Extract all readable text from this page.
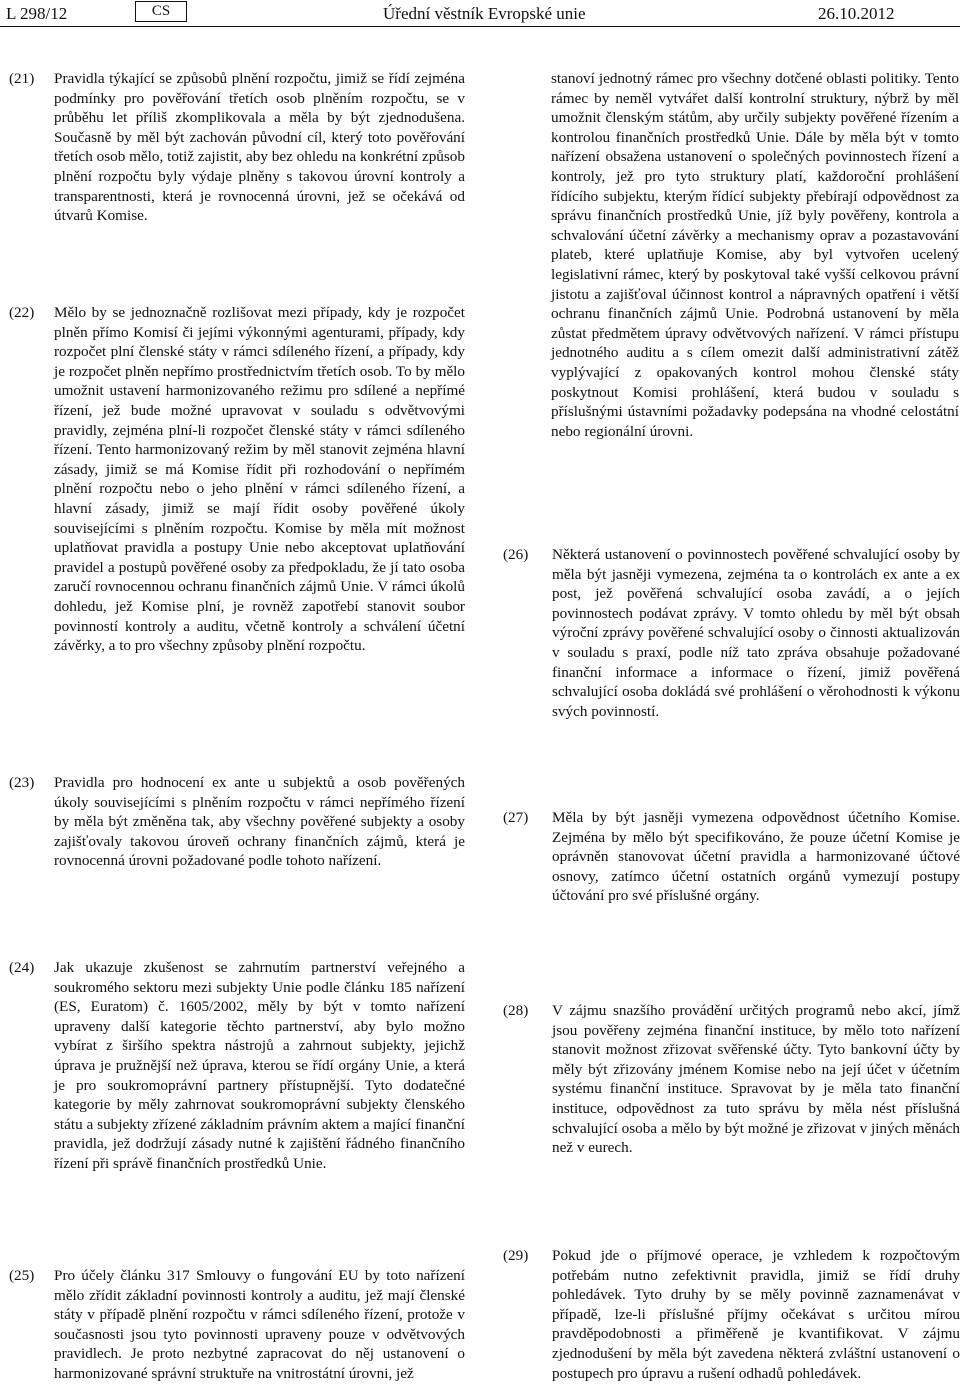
L 298/12	CS	Úřední věstník Evropské unie	26.10.2012
(21) Pravidla týkající se způsobů plnění rozpočtu, jimiž se řídí zejména podmínky pro pověřování třetích osob plněním rozpočtu, se v průběhu let příliš zkomplikovala a měla by být zjednodušena. Současně by měl být zachován původní cíl, který toto pověřování třetích osob mělo, totiž zajistit, aby bez ohledu na konkrétní způsob plnění rozpočtu byly výdaje plněny s takovou úrovní kontroly a transparentnosti, která je rovnocenná úrovni, jež se očekává od útvarů Komise.
(22) Mělo by se jednoznačně rozlišovat mezi případy, kdy je rozpočet plněn přímo Komisí či jejími výkonnými agenturami, případy, kdy rozpočet plní členské státy v rámci sdíleného řízení, a případy, kdy je rozpočet plněn nepřímo prostřednictvím třetích osob. To by mělo umožnit ustavení harmonizovaného režimu pro sdílené a nepřímé řízení, jež bude možné upravovat v souladu s odvětvovými pravidly, zejména plní-li rozpočet členské státy v rámci sdíleného řízení. Tento harmonizovaný režim by měl stanovit zejména hlavní zásady, jimiž se má Komise řídit při rozhodování o nepřímém plnění rozpočtu nebo o jeho plnění v rámci sdíleného řízení, a hlavní zásady, jimiž se mají řídit osoby pověřené úkoly souvisejícími s plněním rozpočtu. Komise by měla mít možnost uplatňovat pravidla a postupy Unie nebo akceptovat uplatňování pravidel a postupů pověřené osoby za předpokladu, že jí tato osoba zaručí rovnocennou ochranu finančních zájmů Unie. V rámci úkolů dohledu, jež Komise plní, je rovněž zapotřebí stanovit soubor povinností kontroly a auditu, včetně kontroly a schválení účetní závěrky, a to pro všechny způsoby plnění rozpočtu.
(23) Pravidla pro hodnocení ex ante u subjektů a osob pověřených úkoly souvisejícími s plněním rozpočtu v rámci nepřímého řízení by měla být změněna tak, aby všechny pověřené subjekty a osoby zajišťovaly takovou úroveň ochrany finančních zájmů, která je rovnocenná úrovni požadované podle tohoto nařízení.
(24) Jak ukazuje zkušenost se zahrnutím partnerství veřejného a soukromého sektoru mezi subjekty Unie podle článku 185 nařízení (ES, Euratom) č. 1605/2002, měly by být v tomto nařízení upraveny další kategorie těchto partnerství, aby bylo možno vybírat z širšího spektra nástrojů a zahrnout subjekty, jejichž úprava je pružnější než úprava, kterou se řídí orgány Unie, a která je pro soukromoprávní partnery přístupnější. Tyto dodatečné kategorie by měly zahrnovat soukromoprávní subjekty členského státu a subjekty zřízené základním právním aktem a mající finanční pravidla, jež dodržují zásady nutné k zajištění řádného finančního řízení při správě finančních prostředků Unie.
(25) Pro účely článku 317 Smlouvy o fungování EU by toto nařízení mělo zřídit základní povinnosti kontroly a auditu, jež mají členské státy v případě plnění rozpočtu v rámci sdíleného řízení, protože v současnosti jsou tyto povinnosti upraveny pouze v odvětvových pravidlech. Je proto nezbytné zapracovat do něj ustanovení o harmonizované správní struktuře na vnitrostátní úrovni, jež
stanoví jednotný rámec pro všechny dotčené oblasti politiky. Tento rámec by neměl vytvářet další kontrolní struktury, nýbrž by měl umožnit členským státům, aby určily subjekty pověřené řízením a kontrolou finančních prostředků Unie. Dále by měla být v tomto nařízení obsažena ustanovení o společných povinnostech řízení a kontroly, jež pro tyto struktury platí, každoroční prohlášení řídícího subjektu, kterým řídící subjekty přebírají odpovědnost za správu finančních prostředků Unie, jíž byly pověřeny, kontrola a schvalování účetní závěrky a mechanismy oprav a pozastavování plateb, které uplatňuje Komise, aby byl vytvořen ucelený legislativní rámec, který by poskytoval také vyšší celkovou právní jistotu a zajišťoval účinnost kontrol a nápravných opatření i větší ochranu finančních zájmů Unie. Podrobná ustanovení by měla zůstat předmětem úpravy odvětvových nařízení. V rámci přístupu jednotného auditu a s cílem omezit další administrativní zátěž vyplývající z opakovaných kontrol mohou členské státy poskytnout Komisi prohlášení, která budou v souladu s příslušnými ústavními požadavky podepsána na vhodné celostátní nebo regionální úrovni.
(26) Některá ustanovení o povinnostech pověřené schvalující osoby by měla být jasněji vymezena, zejména ta o kontrolách ex ante a ex post, jež pověřená schvalující osoba zavádí, a o jejích povinnostech podávat zprávy. V tomto ohledu by měl být obsah výroční zprávy pověřené schvalující osoby o činnosti aktualizován v souladu s praxí, podle níž tato zpráva obsahuje požadované finanční informace a informace o řízení, jimiž pověřená schvalující osoba dokládá své prohlášení o věrohodnosti k výkonu svých povinností.
(27) Měla by být jasněji vymezena odpovědnost účetního Komise. Zejména by mělo být specifikováno, že pouze účetní Komise je oprávněn stanovovat účetní pravidla a harmonizované účtové osnovy, zatímco účetní ostatních orgánů vymezují postupy účtování pro své příslušné orgány.
(28) V zájmu snazšího provádění určitých programů nebo akcí, jímž jsou pověřeny zejména finanční instituce, by mělo toto nařízení stanovit možnost zřizovat svěřenské účty. Tyto bankovní účty by měly být zřizovány jménem Komise nebo na její účet v účetním systému finanční instituce. Spravovat by je měla tato finanční instituce, odpovědnost za tuto správu by měla nést příslušná schvalující osoba a mělo by být možné je zřizovat v jiných měnách než v eurech.
(29) Pokud jde o příjmové operace, je vzhledem k rozpočtovým potřebám nutno zefektivnit pravidla, jimiž se řídí druhy pohledávek. Tyto druhy by se měly povinně zaznamenávat v případě, lze-li příslušné příjmy očekávat s určitou mírou pravděpodobnosti a přiměřeně je kvantifikovat. V zájmu zjednodušení by měla být zavedena některá zvláštní ustanovení o postupech pro úpravu a rušení odhadů pohledávek.
